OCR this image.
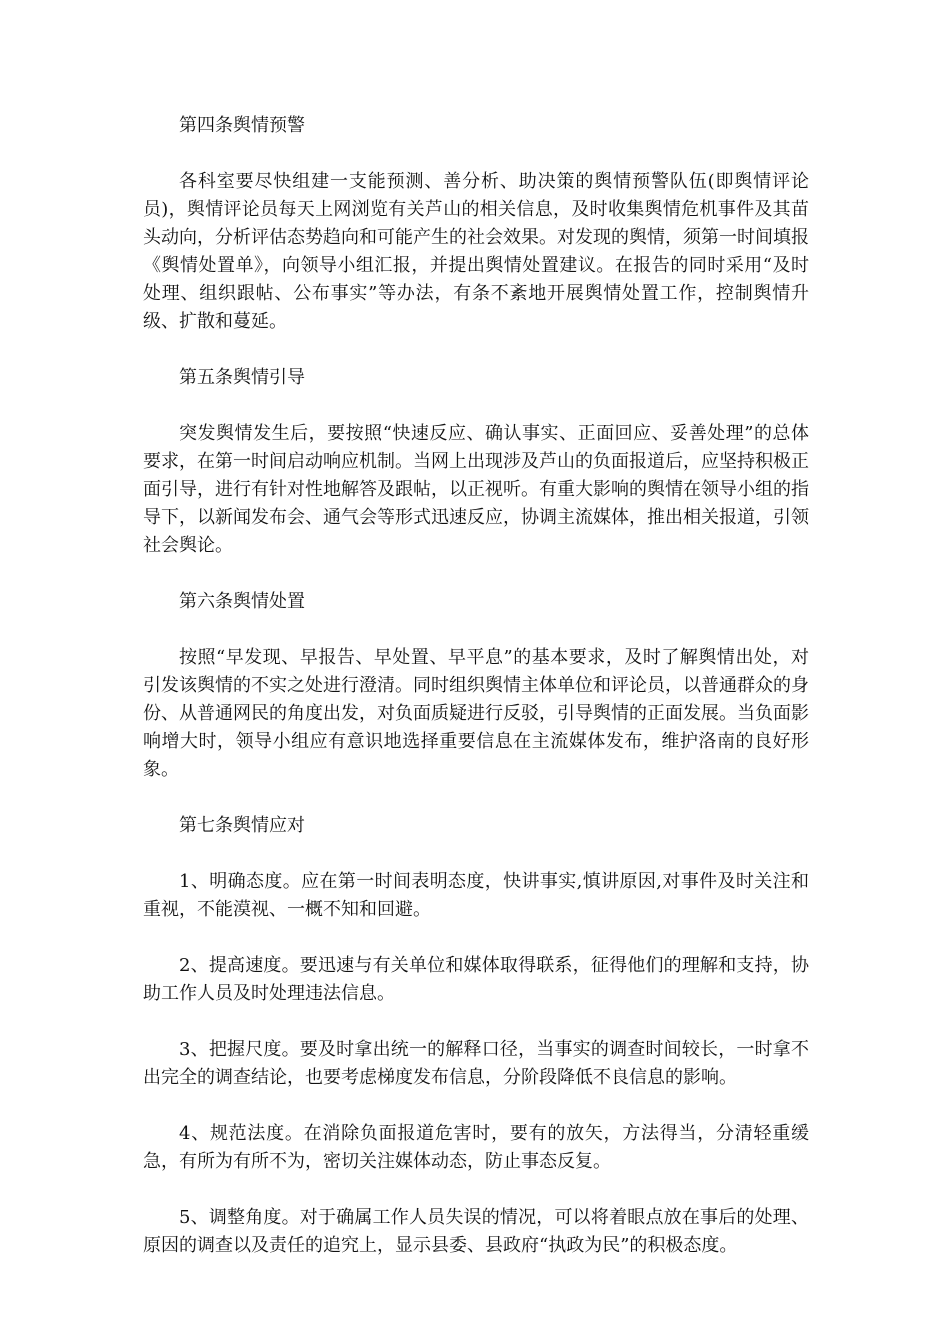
第四条舆情预警

各科室要尽快组建一支能预测、善分析、助决策的舆情预警队伍(即舆情评论员)，舆情评论员每天上网浏览有关芦山的相关信息，及时收集舆情危机事件及其苗头动向，分析评估态势趋向和可能产生的社会效果。对发现的舆情，须第一时间填报《舆情处置单》，向领导小组汇报，并提出舆情处置建议。在报告的同时采用“及时处理、组织跟帖、公布事实”等办法，有条不紊地开展舆情处置工作，控制舆情升级、扩散和蔓延。

第五条舆情引导

突发舆情发生后，要按照“快速反应、确认事实、正面回应、妥善处理”的总体要求，在第一时间启动响应机制。当网上出现涉及芦山的负面报道后，应坚持积极正面引导，进行有针对性地解答及跟帖，以正视听。有重大影响的舆情在领导小组的指导下，以新闻发布会、通气会等形式迅速反应，协调主流媒体，推出相关报道，引领社会舆论。

第六条舆情处置

按照“早发现、早报告、早处置、早平息”的基本要求，及时了解舆情出处，对引发该舆情的不实之处进行澄清。同时组织舆情主体单位和评论员，以普通群众的身份、从普通网民的角度出发，对负面质疑进行反驳，引导舆情的正面发展。当负面影响增大时，领导小组应有意识地选择重要信息在主流媒体发布，维护洛南的良好形象。

第七条舆情应对

1、明确态度。应在第一时间表明态度，快讲事实,慎讲原因,对事件及时关注和重视，不能漠视、一概不知和回避。

2、提高速度。要迅速与有关单位和媒体取得联系，征得他们的理解和支持，协助工作人员及时处理违法信息。

3、把握尺度。要及时拿出统一的解释口径，当事实的调查时间较长，一时拿不出完全的调查结论，也要考虑梯度发布信息，分阶段降低不良信息的影响。

4、规范法度。在消除负面报道危害时，要有的放矢，方法得当，分清轻重缓急，有所为有所不为，密切关注媒体动态，防止事态反复。

5、调整角度。对于确属工作人员失误的情况，可以将着眼点放在事后的处理、原因的调查以及责任的追究上，显示县委、县政府“执政为民”的积极态度。
